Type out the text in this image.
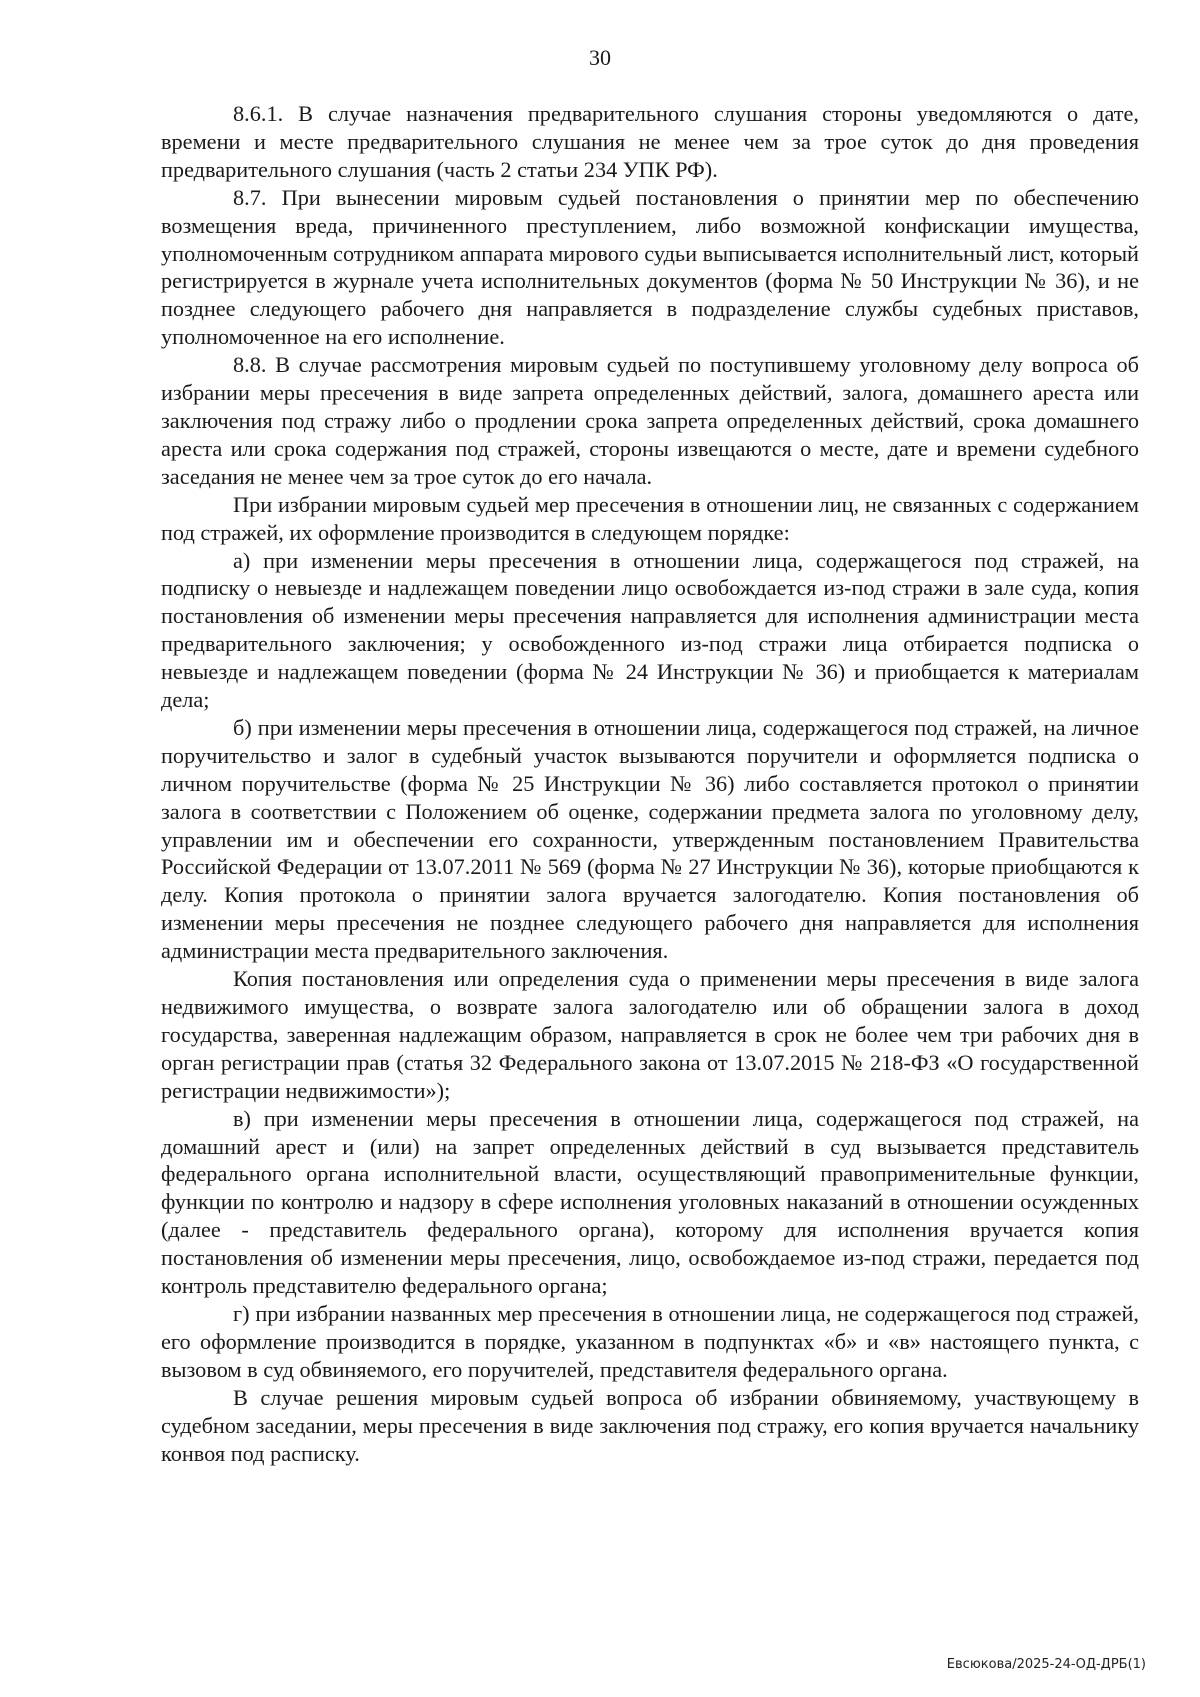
30

8.6.1. В случае назначения предварительного слушания стороны уведомляются о дате, времени и месте предварительного слушания не менее чем за трое суток до дня проведения предварительного слушания (часть 2 статьи 234 УПК РФ).

8.7. При вынесении мировым судьей постановления о принятии мер по обеспечению возмещения вреда, причиненного преступлением, либо возможной конфискации имущества, уполномоченным сотрудником аппарата мирового судьи выписывается исполнительный лист, который регистрируется в журнале учета исполнительных документов (форма № 50 Инструкции № 36), и не позднее следующего рабочего дня направляется в подразделение службы судебных приставов, уполномоченное на его исполнение.

8.8. В случае рассмотрения мировым судьей по поступившему уголовному делу вопроса об избрании меры пресечения в виде запрета определенных действий, залога, домашнего ареста или заключения под стражу либо о продлении срока запрета определенных действий, срока домашнего ареста или срока содержания под стражей, стороны извещаются о месте, дате и времени судебного заседания не менее чем за трое суток до его начала.

При избрании мировым судьей мер пресечения в отношении лиц, не связанных с содержанием под стражей, их оформление производится в следующем порядке:

а) при изменении меры пресечения в отношении лица, содержащегося под стражей, на подписку о невыезде и надлежащем поведении лицо освобождается из-под стражи в зале суда, копия постановления об изменении меры пресечения направляется для исполнения администрации места предварительного заключения; у освобожденного из-под стражи лица отбирается подписка о невыезде и надлежащем поведении (форма № 24 Инструкции № 36) и приобщается к материалам дела;

б) при изменении меры пресечения в отношении лица, содержащегося под стражей, на личное поручительство и залог в судебный участок вызываются поручители и оформляется подписка о личном поручительстве (форма № 25 Инструкции № 36) либо составляется протокол о принятии залога в соответствии с Положением об оценке, содержании предмета залога по уголовному делу, управлении им и обеспечении его сохранности, утвержденным постановлением Правительства Российской Федерации от 13.07.2011 № 569 (форма № 27 Инструкции № 36), которые приобщаются к делу. Копия протокола о принятии залога вручается залогодателю. Копия постановления об изменении меры пресечения не позднее следующего рабочего дня направляется для исполнения администрации места предварительного заключения.

Копия постановления или определения суда о применении меры пресечения в виде залога недвижимого имущества, о возврате залога залогодателю или об обращении залога в доход государства, заверенная надлежащим образом, направляется в срок не более чем три рабочих дня в орган регистрации прав (статья 32 Федерального закона от 13.07.2015 № 218-ФЗ «О государственной регистрации недвижимости»);

в) при изменении меры пресечения в отношении лица, содержащегося под стражей, на домашний арест и (или) на запрет определенных действий в суд вызывается представитель федерального органа исполнительной власти, осуществляющий правоприменительные функции, функции по контролю и надзору в сфере исполнения уголовных наказаний в отношении осужденных (далее - представитель федерального органа), которому для исполнения вручается копия постановления об изменении меры пресечения, лицо, освобождаемое из-под стражи, передается под контроль представителю федерального органа;

г) при избрании названных мер пресечения в отношении лица, не содержащегося под стражей, его оформление производится в порядке, указанном в подпунктах «б» и «в» настоящего пункта, с вызовом в суд обвиняемого, его поручителей, представителя федерального органа.

В случае решения мировым судьей вопроса об избрании обвиняемому, участвующему в судебном заседании, меры пресечения в виде заключения под стражу, его копия вручается начальнику конвоя под расписку.

Евсюкова/2025-24-ОД-ДРБ(1)
